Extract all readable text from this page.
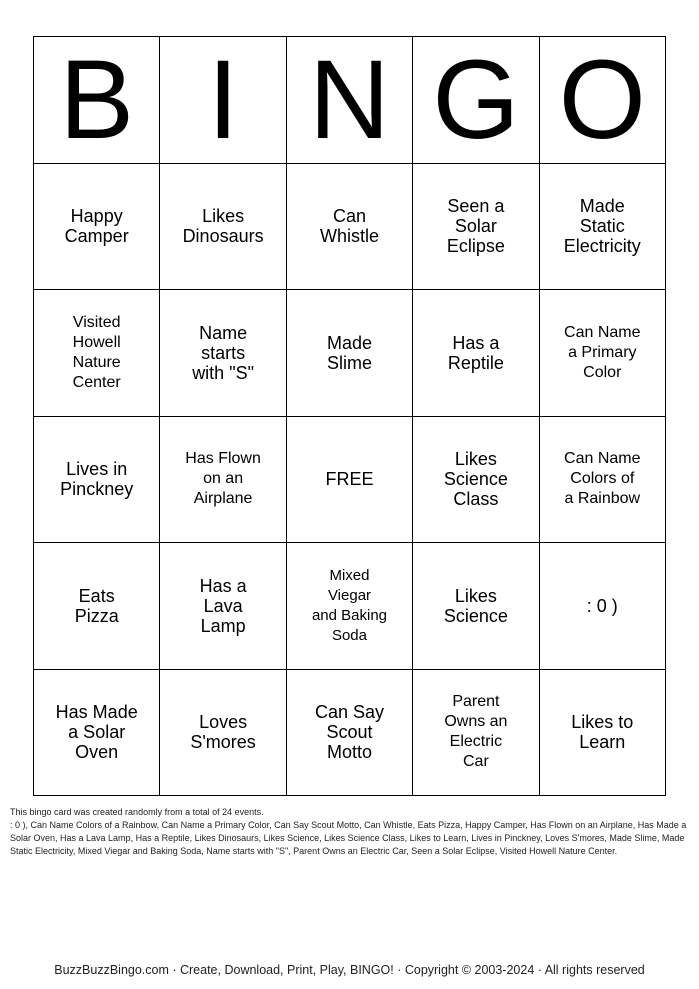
B I N G O
Happy
Camper
Likes
Dinosaurs
Can
Whistle
Seen a
Solar
Eclipse
Made
Static
Electricity
Visited
Howell
Nature
Center
Name
starts
with "S"
Made
Slime
Has a
Reptile
Can Name
a Primary
Color
Lives in
Pinckney
Has Flown
on an
Airplane
FREE
Likes
Science
Class
Can Name
Colors of
a Rainbow
Eats
Pizza
Has a
Lava
Lamp
Mixed
Viegar
and Baking
Soda
Likes
Science	: 0 )
Has Made
a Solar
Oven
Loves
S'mores
Can Say
Scout
Motto
Parent
Owns an
Electric
Car
Likes to
Learn
This bingo card was created randomly from a total of 24 events.
: 0 ), Can Name Colors of a Rainbow, Can Name a Primary Color, Can Say Scout Motto, Can Whistle, Eats Pizza, Happy Camper, Has Flown on an Airplane, Has Made a Solar Oven, Has a Lava Lamp, Has a Reptile, Likes Dinosaurs, Likes Science, Likes Science Class, Likes to Learn, Lives in Pinckney, Loves S'mores, Made Slime, Made Static Electricity, Mixed Viegar and Baking Soda, Name starts with "S", Parent Owns an Electric Car, Seen a Solar Eclipse, Visited Howell Nature Center.
BuzzBuzzBingo.com · Create, Download, Print, Play, BINGO! · Copyright © 2003-2024 · All rights reserved
